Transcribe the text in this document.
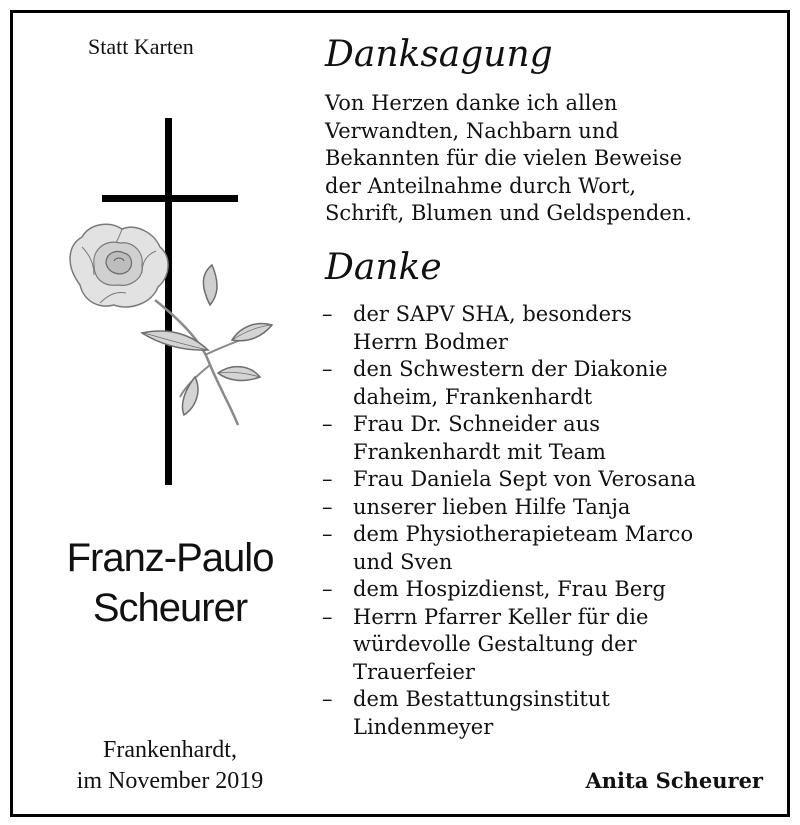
Statt Karten	Danksagung
Von Herzen danke ich allen
Verwandten, Nachbarn und
Bekannten für die vielen Beweise
der Anteilnahme durch Wort,
Schrift, Blumen und Geldspenden.
Danke
– der SAPV SHA, besonders
Herrn Bodmer
– den Schwestern der Diakonie
daheim, Frankenhardt
– Frau Dr. Schneider aus
Frankenhardt mit Team
– Frau Daniela Sept von Verosana
– unserer lieben Hilfe Tanja
– dem Physiotherapieteam Marco
und Sven
– dem Hospizdienst, Frau Berg
– Herrn Pfarrer Keller für die
würdevolle Gestaltung der
Trauerfeier
– dem Bestattungsinstitut
Lindenmeyer
Franz-Paulo
Scheurer
Frankenhardt,
im November 2019	Anita Scheurer
